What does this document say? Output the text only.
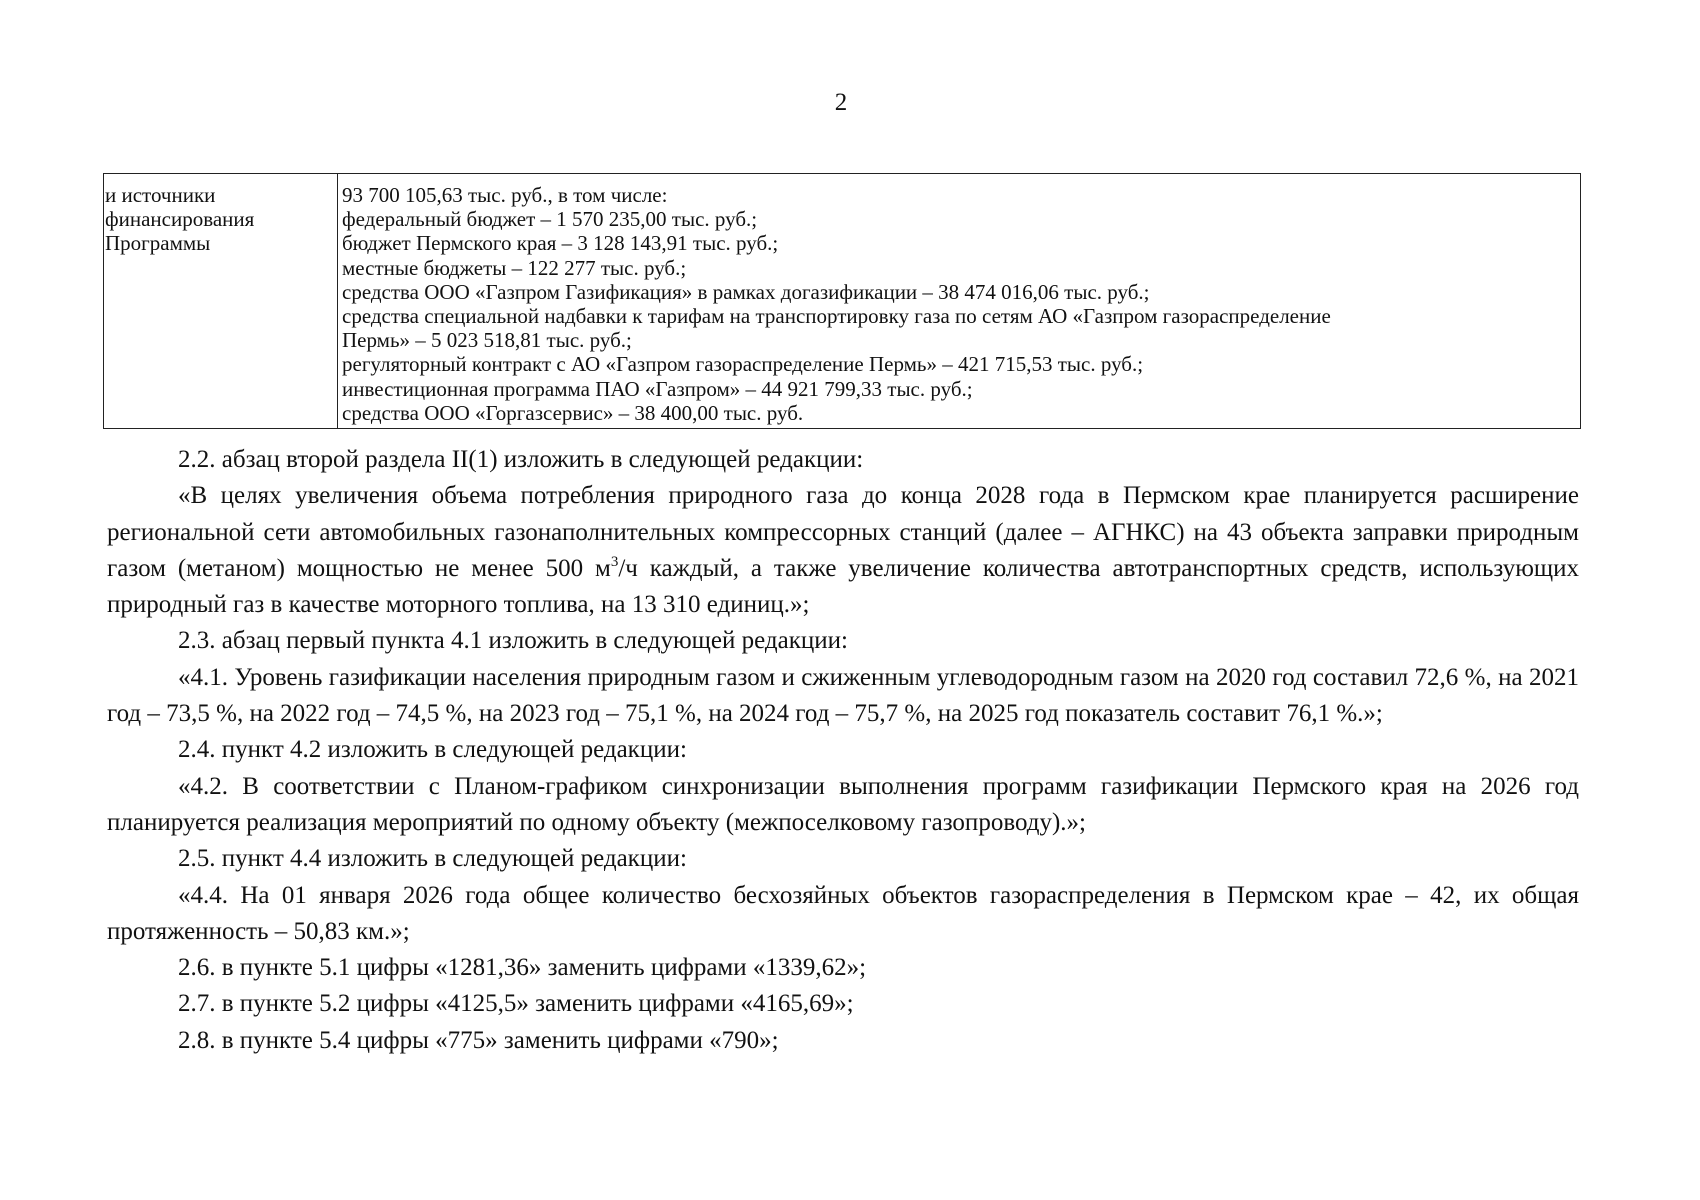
2
и источники
финансирования
Программы
93 700 105,63 тыс. руб., в том числе:
федеральный бюджет – 1 570 235,00 тыс. руб.;
бюджет Пермского края – 3 128 143,91 тыс. руб.;
местные бюджеты – 122 277 тыс. руб.;
средства ООО «Газпром Газификация» в рамках догазификации – 38 474 016,06 тыс. руб.;
средства специальной надбавки к тарифам на транспортировку газа по сетям АО «Газпром газораспределение
Пермь» – 5 023 518,81 тыс. руб.;
регуляторный контракт с АО «Газпром газораспределение Пермь» – 421 715,53 тыс. руб.;
инвестиционная программа ПАО «Газпром» – 44 921 799,33 тыс. руб.;
средства ООО «Горгазсервис» – 38 400,00 тыс. руб.

2.2. абзац второй раздела II(1) изложить в следующей редакции:

«В целях увеличения объема потребления природного газа до конца 2028 года в Пермском крае планируется расширение региональной сети автомобильных газонаполнительных компрессорных станций (далее – АГНКС) на 43 объекта заправки природным газом (метаном) мощностью не менее 500 $м^3/ч$ каждый, а также увеличение количества автотранспортных средств, использующих природный газ в качестве моторного топлива, на 13 310 единиц.»;

2.3. абзац первый пункта 4.1 изложить в следующей редакции:

«4.1. Уровень газификации населения природным газом и сжиженным углеводородным газом на 2020 год составил 72,6 %, на 2021 год – 73,5 %, на 2022 год – 74,5 %, на 2023 год – 75,1 %, на 2024 год – 75,7 %, на 2025 год показатель составит 76,1 %.»;

2.4. пункт 4.2 изложить в следующей редакции:

«4.2. В соответствии с Планом-графиком синхронизации выполнения программ газификации Пермского края на 2026 год планируется реализация мероприятий по одному объекту (межпоселковому газопроводу).»;

2.5. пункт 4.4 изложить в следующей редакции:

«4.4. На 01 января 2026 года общее количество бесхозяйных объектов газораспределения в Пермском крае – 42, их общая протяженность – 50,83 км.»;

2.6. в пункте 5.1 цифры «1281,36» заменить цифрами «1339,62»;

2.7. в пункте 5.2 цифры «4125,5» заменить цифрами «4165,69»;

2.8. в пункте 5.4 цифры «775» заменить цифрами «790»;
